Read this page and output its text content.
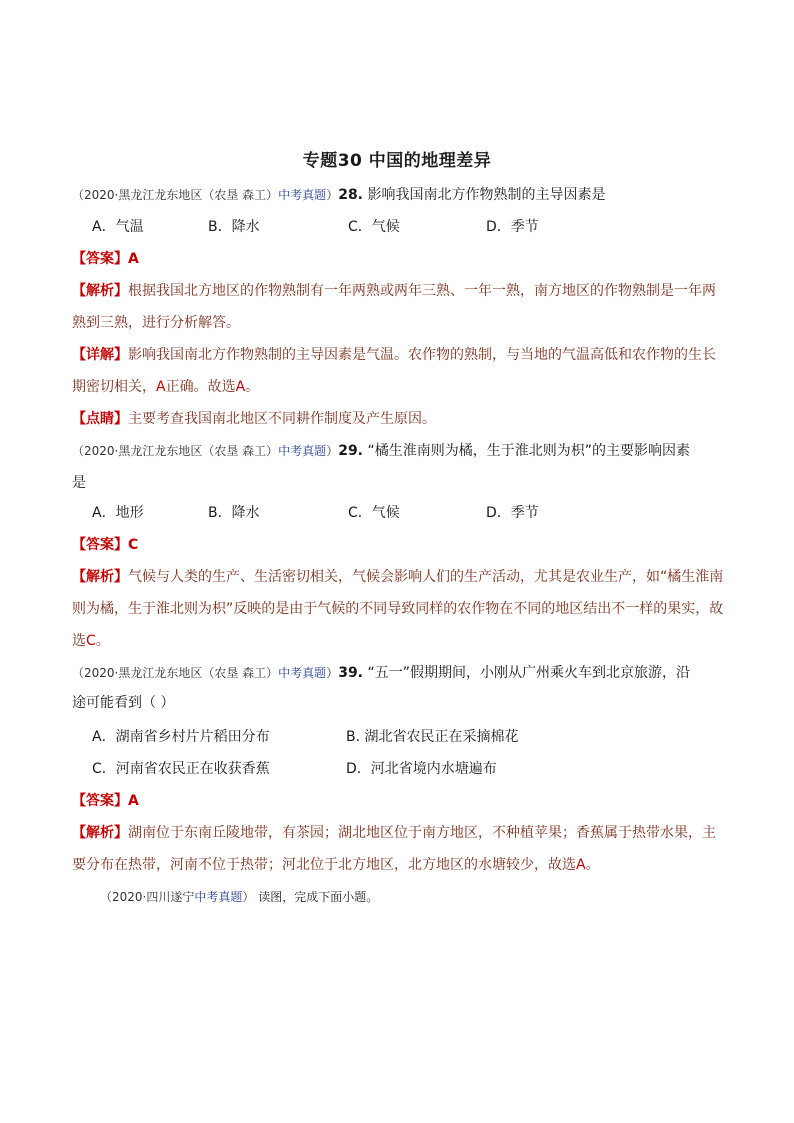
专题30 中国的地理差异
（2020·黑龙江龙东地区（农垦 森工）中考真题）28. 影响我国南北方作物熟制的主导因素是
A．气温	B．降水	C．气候	D．季节
【答案】A
【解析】根据我国北方地区的作物熟制有一年两熟或两年三熟、一年一熟，南方地区的作物熟制是一年两
熟到三熟，进行分析解答。
【详解】影响我国南北方作物熟制的主导因素是气温。农作物的熟制，与当地的气温高低和农作物的生长
期密切相关，A正确。故选A。
【点睛】主要考查我国南北地区不同耕作制度及产生原因。
（2020·黑龙江龙东地区（农垦 森工）中考真题）29. “橘生淮南则为橘，生于淮北则为枳”的主要影响因素
是
A．地形	B．降水	C．气候	D．季节
【答案】C
【解析】气候与人类的生产、生活密切相关，气候会影响人们的生产活动，尤其是农业生产，如“橘生淮南
则为橘，生于淮北则为枳”反映的是由于气候的不同导致同样的农作物在不同的地区结出不一样的果实，故
选C。
（2020·黑龙江龙东地区（农垦 森工）中考真题）39. “五一”假期期间，小刚从广州乘火车到北京旅游，沿
途可能看到（ ）
A．湖南省乡村片片稻田分布	B. 湖北省农民正在采摘棉花
C．河南省农民正在收获香蕉	D．河北省境内水塘遍布
【答案】A
【解析】湖南位于东南丘陵地带，有茶园；湖北地区位于南方地区，不种植苹果；香蕉属于热带水果，主
要分布在热带，河南不位于热带；河北位于北方地区，北方地区的水塘较少，故选A。
（2020·四川遂宁中考真题） 读图，完成下面小题。
